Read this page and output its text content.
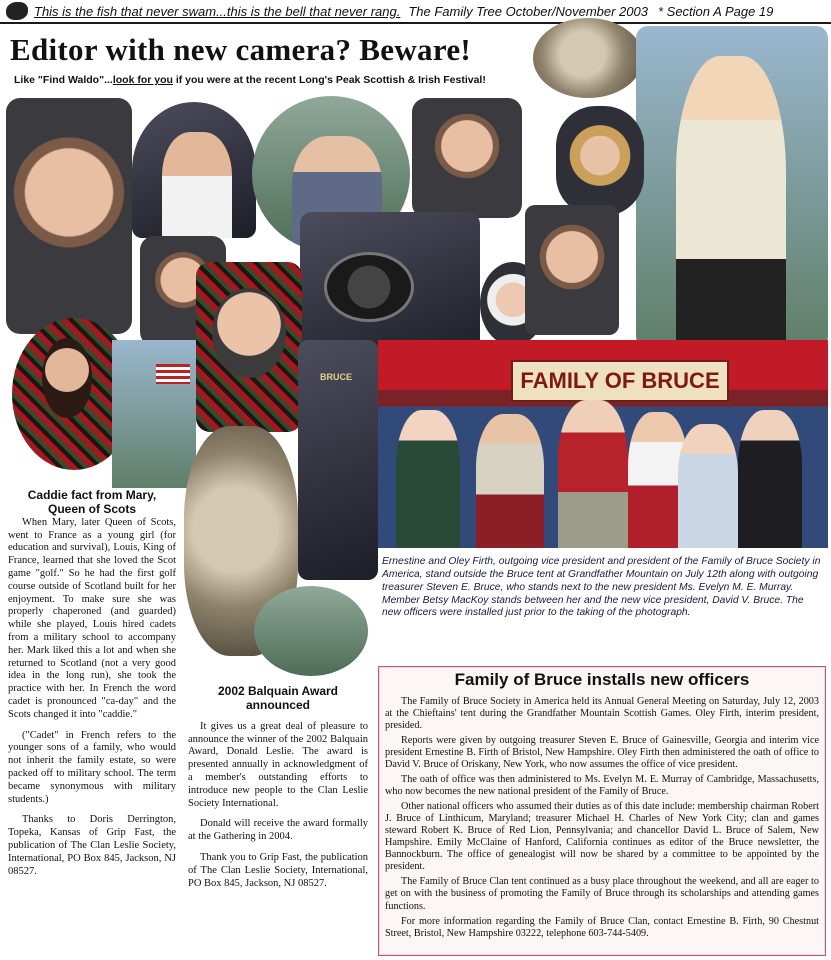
This is the fish that never swam...this is the bell that never rang. The Family Tree October/November 2003 * Section A Page 19
Editor with new camera? Beware!
Like "Find Waldo"...look for you if you were at the recent Long's Peak Scottish & Irish Festival!
BRUCE	FAMILY OF BRUCE
Ernestine and Oley Firth, outgoing vice president and president of the Family of Bruce Society in America, stand outside the Bruce tent at Grandfather Mountain on July 12th along with outgoing treasurer Steven E. Bruce, who stands next to the new president Ms. Evelyn M. E. Murray. Member Betsy MacKoy stands between her and the new vice president, David V. Bruce. The new officers were installed just prior to the taking of the photograph.
Caddie fact from Mary, Queen of Scots

When Mary, later Queen of Scots, went to France as a young girl (for education and survival), Louis, King of France, learned that she loved the Scot game "golf." So he had the first golf course outside of Scotland built for her enjoyment. To make sure she was properly chaperoned (and guarded) while she played, Louis hired cadets from a military school to accompany her. Mark liked this a lot and when she returned to Scotland (not a very good idea in the long run), she took the practice with her. In French the word cadet is pronounced "ca-day" and the Scots changed it into "caddie."

("Cadet" in French refers to the younger sons of a family, who would not inherit the family estate, so were packed off to military school. The term became synonymous with military students.)

Thanks to Doris Derrington, Topeka, Kansas of Grip Fast, the publication of The Clan Leslie Society, International, PO Box 845, Jackson, NJ 08527.

2002 Balquain Award announced

It gives us a great deal of pleasure to announce the winner of the 2002 Balquain Award, Donald Leslie. The award is presented annually in acknowledgment of a member's outstanding efforts to introduce new people to the Clan Leslie Society International.

Donald will receive the award formally at the Gathering in 2004.

Thank you to Grip Fast, the publication of The Clan Leslie Society, International, PO Box 845, Jackson, NJ 08527.

Family of Bruce installs new officers

The Family of Bruce Society in America held its Annual General Meeting on Saturday, July 12, 2003 at the Chieftains' tent during the Grandfather Mountain Scottish Games. Oley Firth, interim president, presided.

Reports were given by outgoing treasurer Steven E. Bruce of Gainesville, Georgia and interim vice president Ernestine B. Firth of Bristol, New Hampshire. Oley Firth then administered the oath of office to David V. Bruce of Oriskany, New York, who now assumes the office of vice president.

The oath of office was then administered to Ms. Evelyn M. E. Murray of Cambridge, Massachusetts, who now becomes the new national president of the Family of Bruce.

Other national officers who assumed their duties as of this date include: membership chairman Robert J. Bruce of Linthicum, Maryland; treasurer Michael H. Charles of New York City; clan and games steward Robert K. Bruce of Red Lion, Pennsylvania; and chancellor David L. Bruce of Salem, New Hampshire. Emily McClaine of Hanford, California continues as editor of the Bruce newsletter, the Bannockburn. The office of genealogist will now be shared by a committee to be appointed by the president.

The Family of Bruce Clan tent continued as a busy place throughout the weekend, and all are eager to get on with the business of promoting the Family of Bruce through its scholarships and attending games functions.

For more information regarding the Family of Bruce Clan, contact Ernestine B. Firth, 90 Chestnut Street, Bristol, New Hampshire 03222, telephone 603-744-5409.
